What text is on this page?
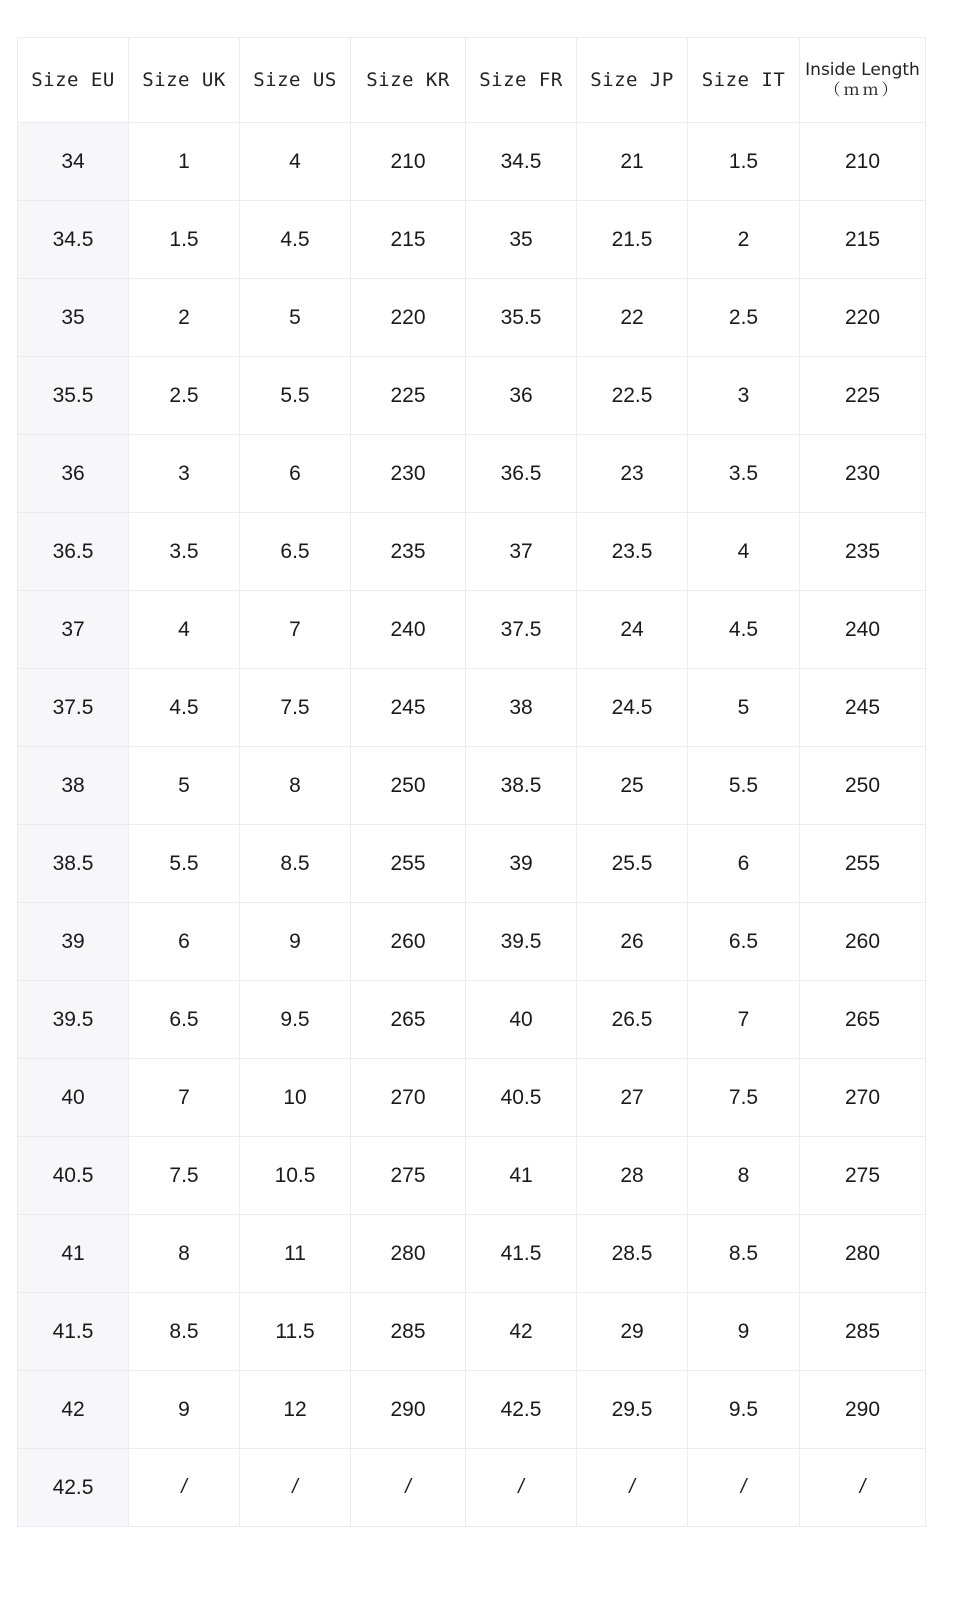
Size EU	Size UK	Size US	Size KR	Size FR	Size JP	Size IT	Inside Length
（ｍｍ）

34	1	4	210	34.5	21	1.5	210
34.5	1.5	4.5	215	35	21.5	2	215
35	2	5	220	35.5	22	2.5	220
35.5	2.5	5.5	225	36	22.5	3	225
36	3	6	230	36.5	23	3.5	230
36.5	3.5	6.5	235	37	23.5	4	235
37	4	7	240	37.5	24	4.5	240
37.5	4.5	7.5	245	38	24.5	5	245
38	5	8	250	38.5	25	5.5	250
38.5	5.5	8.5	255	39	25.5	6	255
39	6	9	260	39.5	26	6.5	260
39.5	6.5	9.5	265	40	26.5	7	265
40	7	10	270	40.5	27	7.5	270
40.5	7.5	10.5	275	41	28	8	275
41	8	11	280	41.5	28.5	8.5	280
41.5	8.5	11.5	285	42	29	9	285
42	9	12	290	42.5	29.5	9.5	290
42.5	/	/	/	/	/	/	/
